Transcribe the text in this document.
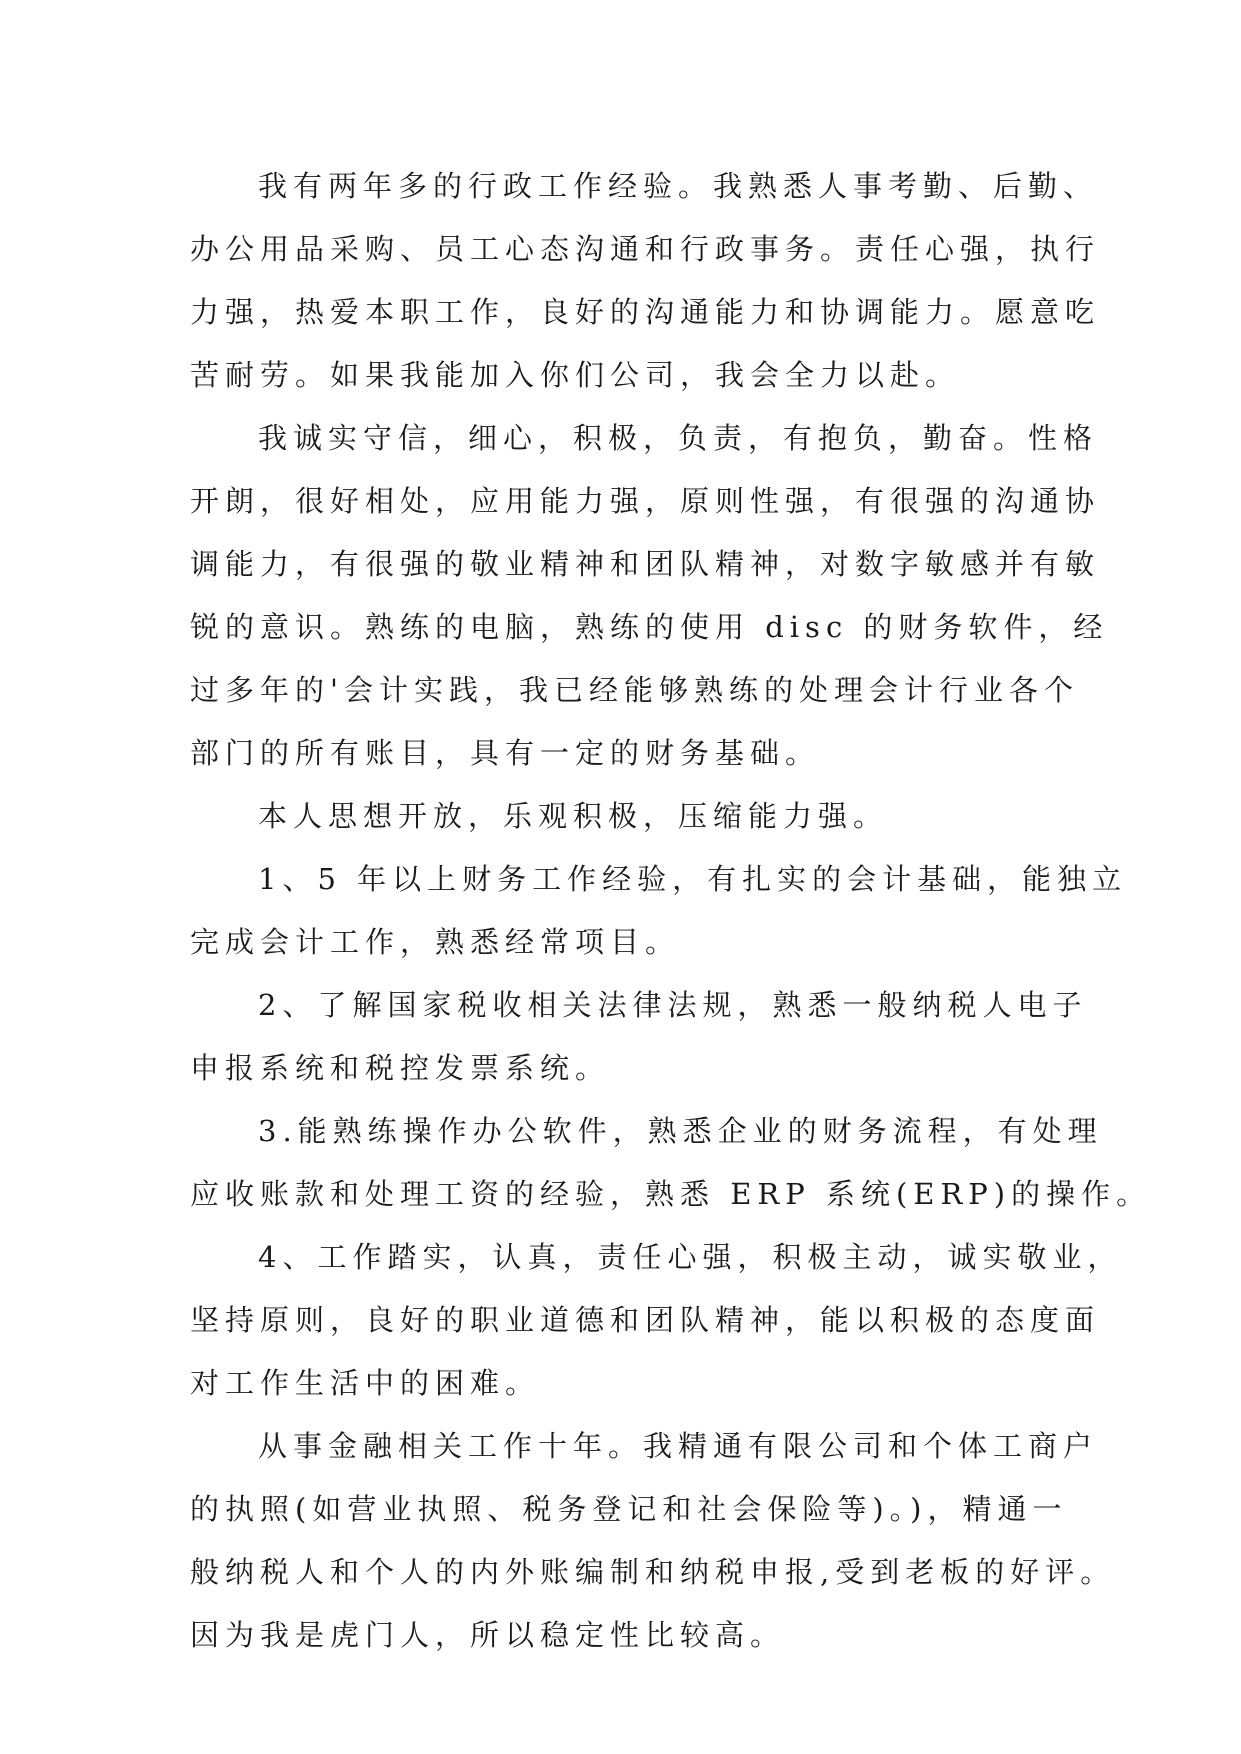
我有两年多的行政工作经验。我熟悉人事考勤、后勤、
办公用品采购、员工心态沟通和行政事务。责任心强，执行
力强，热爱本职工作，良好的沟通能力和协调能力。愿意吃
苦耐劳。如果我能加入你们公司，我会全力以赴。
我诚实守信，细心，积极，负责，有抱负，勤奋。性格
开朗，很好相处，应用能力强，原则性强，有很强的沟通协
调能力，有很强的敬业精神和团队精神，对数字敏感并有敏
锐的意识。熟练的电脑，熟练的使用 disc 的财务软件，经
过多年的'会计实践，我已经能够熟练的处理会计行业各个
部门的所有账目，具有一定的财务基础。
本人思想开放，乐观积极，压缩能力强。
1、5 年以上财务工作经验，有扎实的会计基础，能独立
完成会计工作，熟悉经常项目。
2、了解国家税收相关法律法规，熟悉一般纳税人电子
申报系统和税控发票系统。
3.能熟练操作办公软件，熟悉企业的财务流程，有处理
应收账款和处理工资的经验，熟悉 ERP 系统(ERP)的操作。
4、工作踏实，认真，责任心强，积极主动，诚实敬业，
坚持原则，良好的职业道德和团队精神，能以积极的态度面
对工作生活中的困难。
从事金融相关工作十年。我精通有限公司和个体工商户
的执照(如营业执照、税务登记和社会保险等)。)，精通一
般纳税人和个人的内外账编制和纳税申报,受到老板的好评。
因为我是虎门人，所以稳定性比较高。
